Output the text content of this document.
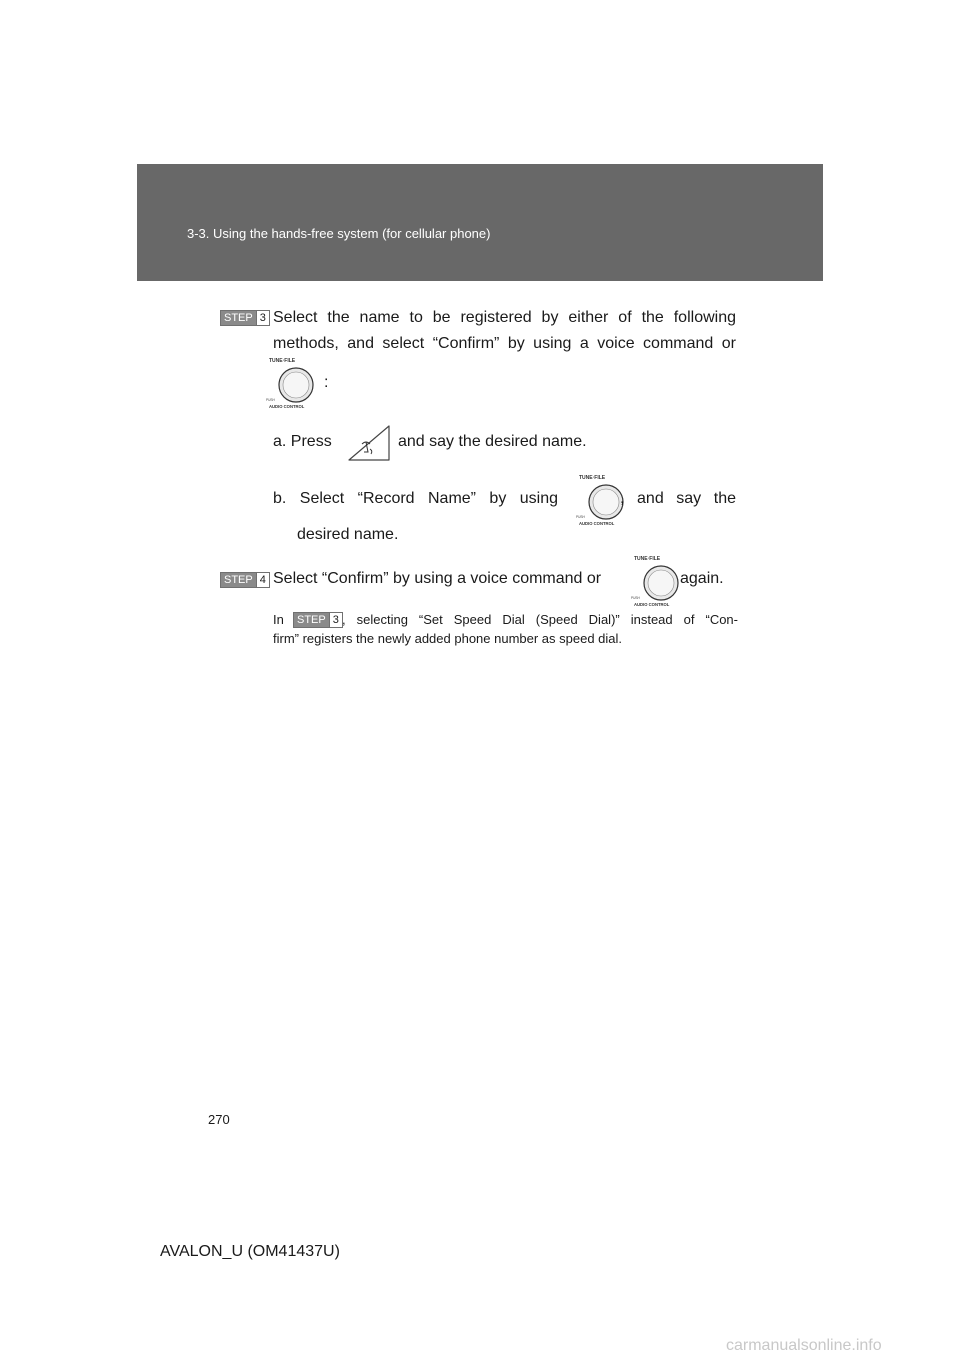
3-3. Using the hands-free system (for cellular phone)
STEP 3 Select the name to be registered by either of the following
methods, and select “Confirm” by using a voice command or
TUNE·FILE
PUSH
AUDIO CONTROL
:
a. Press	and say the desired name.
b. Select “Record Name” by using
TUNE·FILE
PUSH
AUDIO CONTROL
, and say the
desired name.
STEP 4 Select “Confirm” by using a voice command or
TUNE·FILE
PUSH
AUDIO CONTROL
again.
In STEP 3 , selecting “Set Speed Dial (Speed Dial)” instead of “Con-
firm” registers the newly added phone number as speed dial.
270
AVALON_U (OM41437U)
carmanualsonline.info
